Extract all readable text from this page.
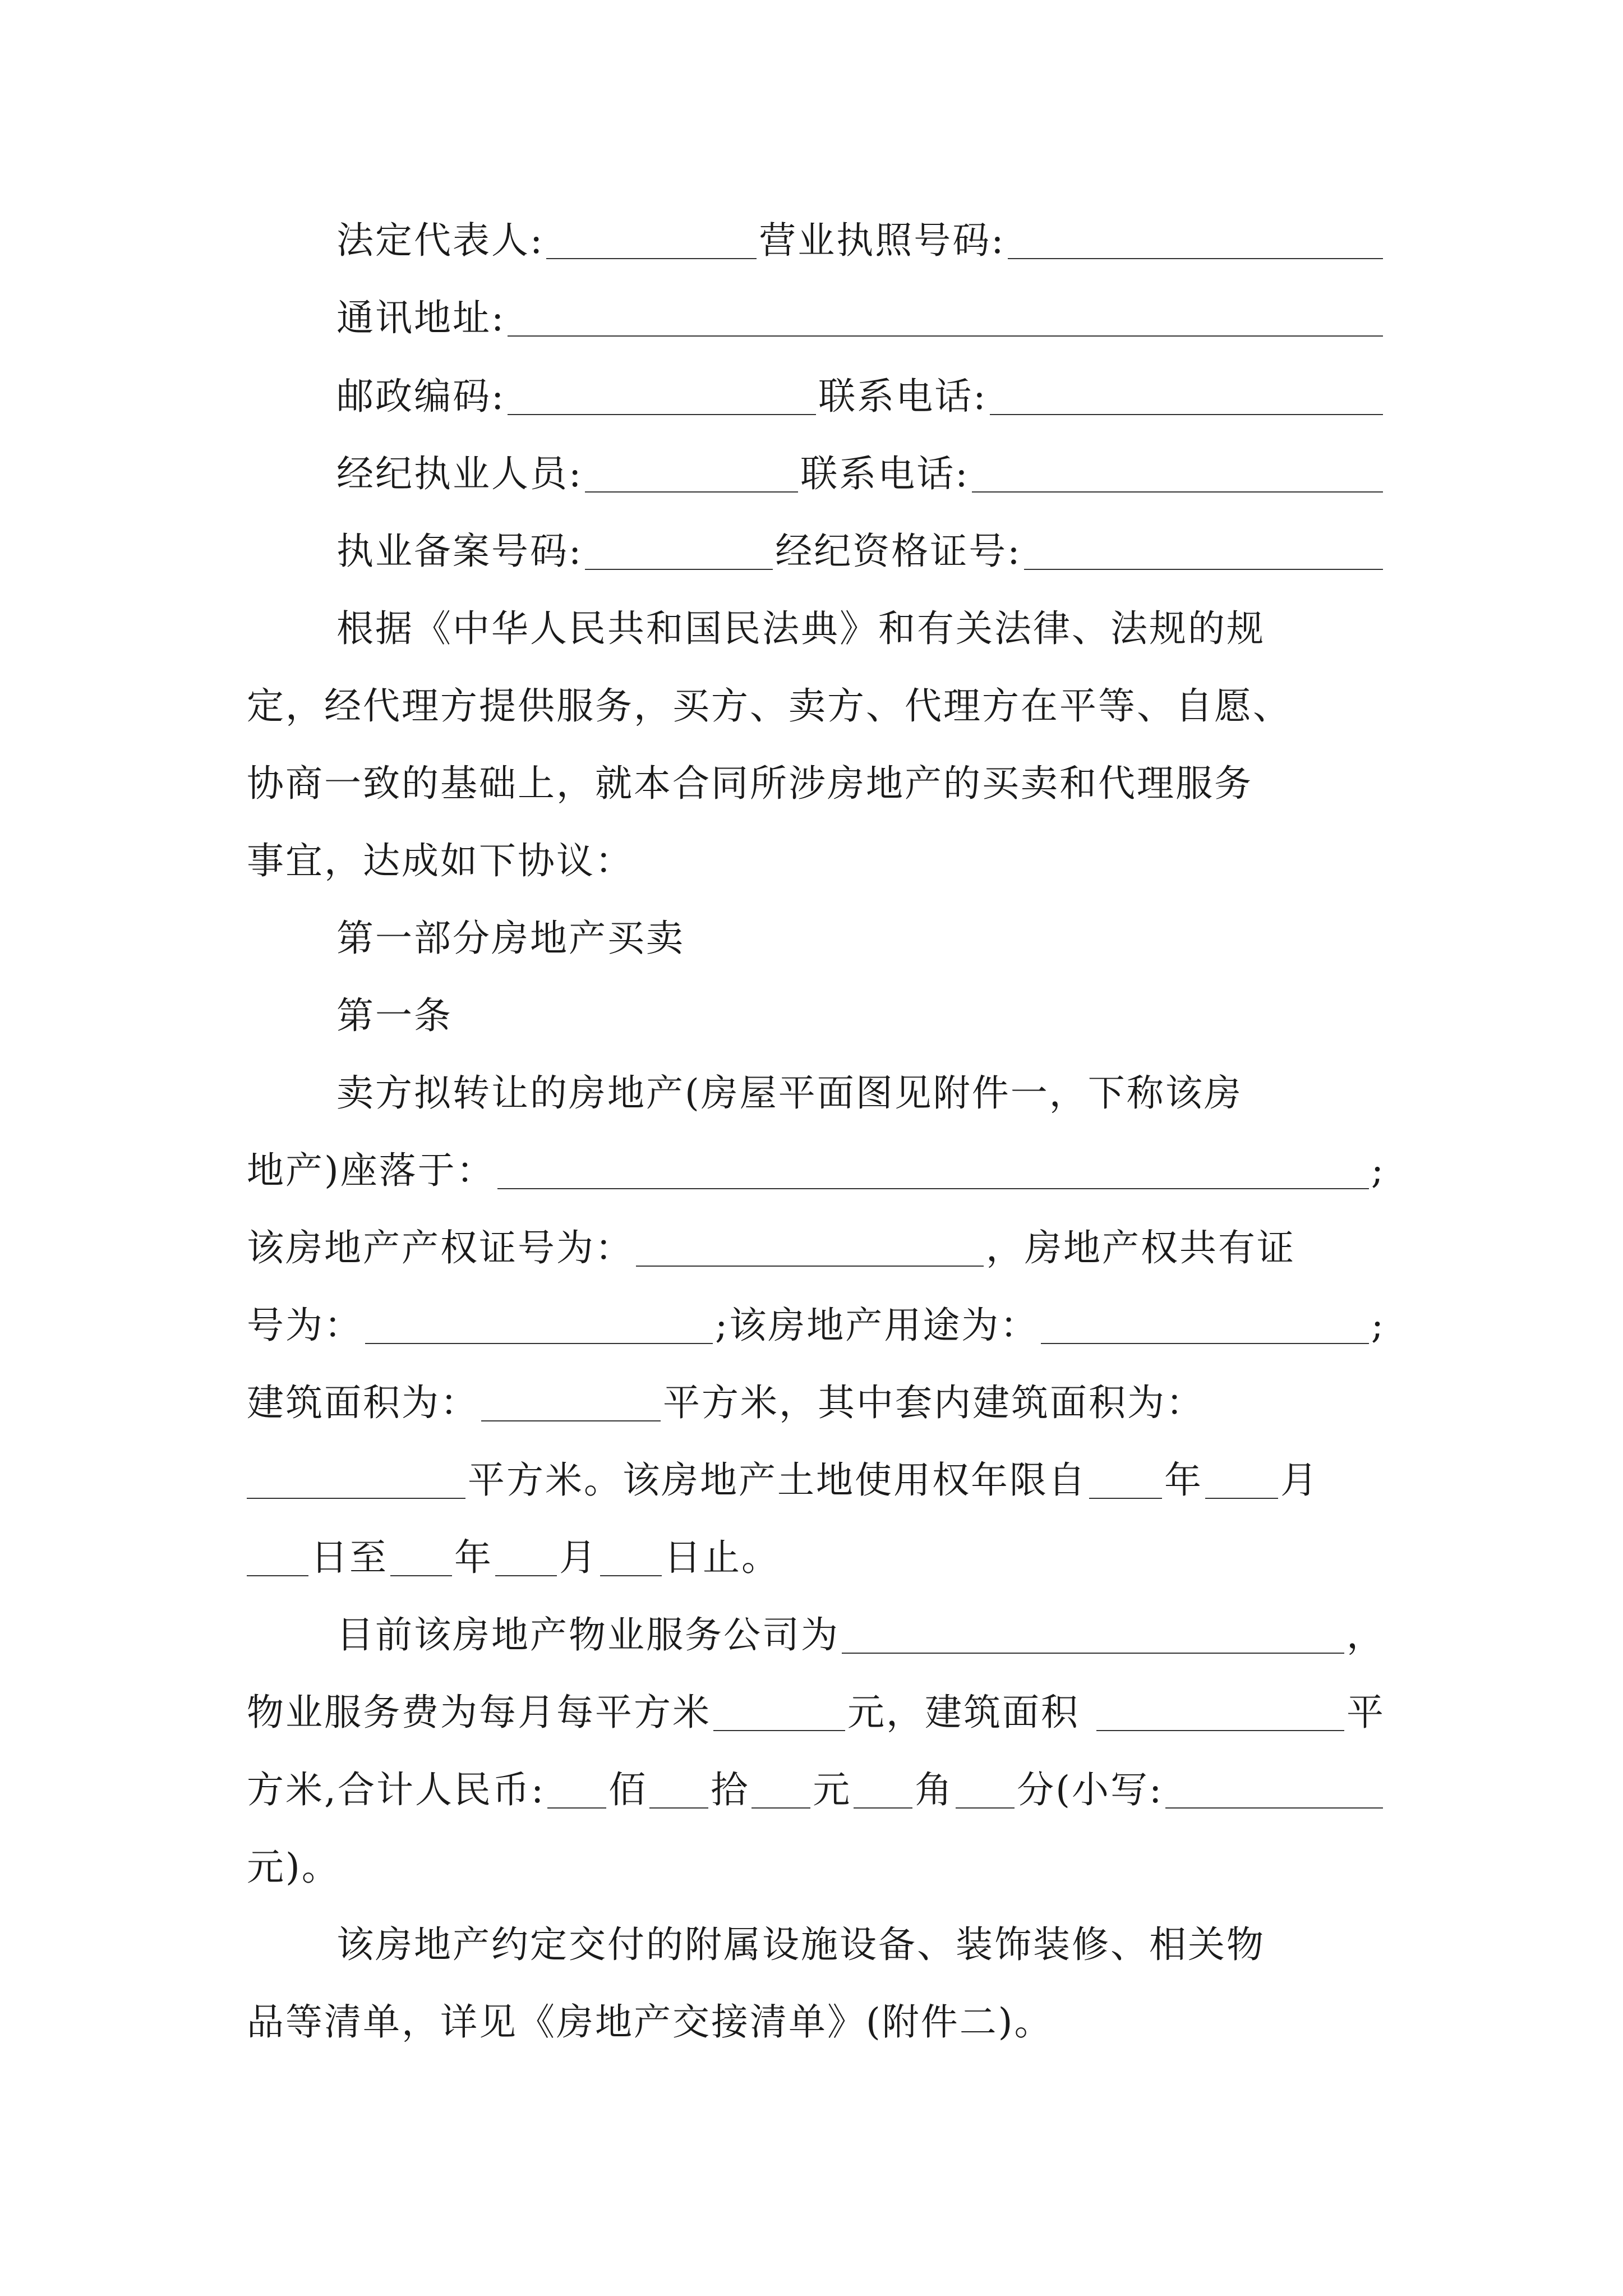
法定代表人:	营业执照号码:
通讯地址:
邮政编码:	联系电话:
经纪执业人员:	联系电话:
执业备案号码:	经纪资格证号:
根据《中华人民共和国民法典》和有关法律、法规的规
定，经代理方提供服务，买方、卖方、代理方在平等、自愿、
协商一致的基础上，就本合同所涉房地产的买卖和代理服务
事宜，达成如下协议：
第一部分房地产买卖
第一条
卖方拟转让的房地产(房屋平面图见附件一，下称该房
地产)座落于：	;
该房地产产权证号为：	，房地产权共有证
号为：	;该房地产用途为：	;
建筑面积为：	平方米，其中套内建筑面积为：
平方米。该房地产土地使用权年限自 年 月
日至 年 月 日止。
目前该房地产物业服务公司为	，
物业服务费为每月每平方米	元，建筑面积	平
方米,合计人民币: 佰 拾 元 角 分(小写:
元)。
该房地产约定交付的附属设施设备、装饰装修、相关物
品等清单，详见《房地产交接清单》(附件二)。
